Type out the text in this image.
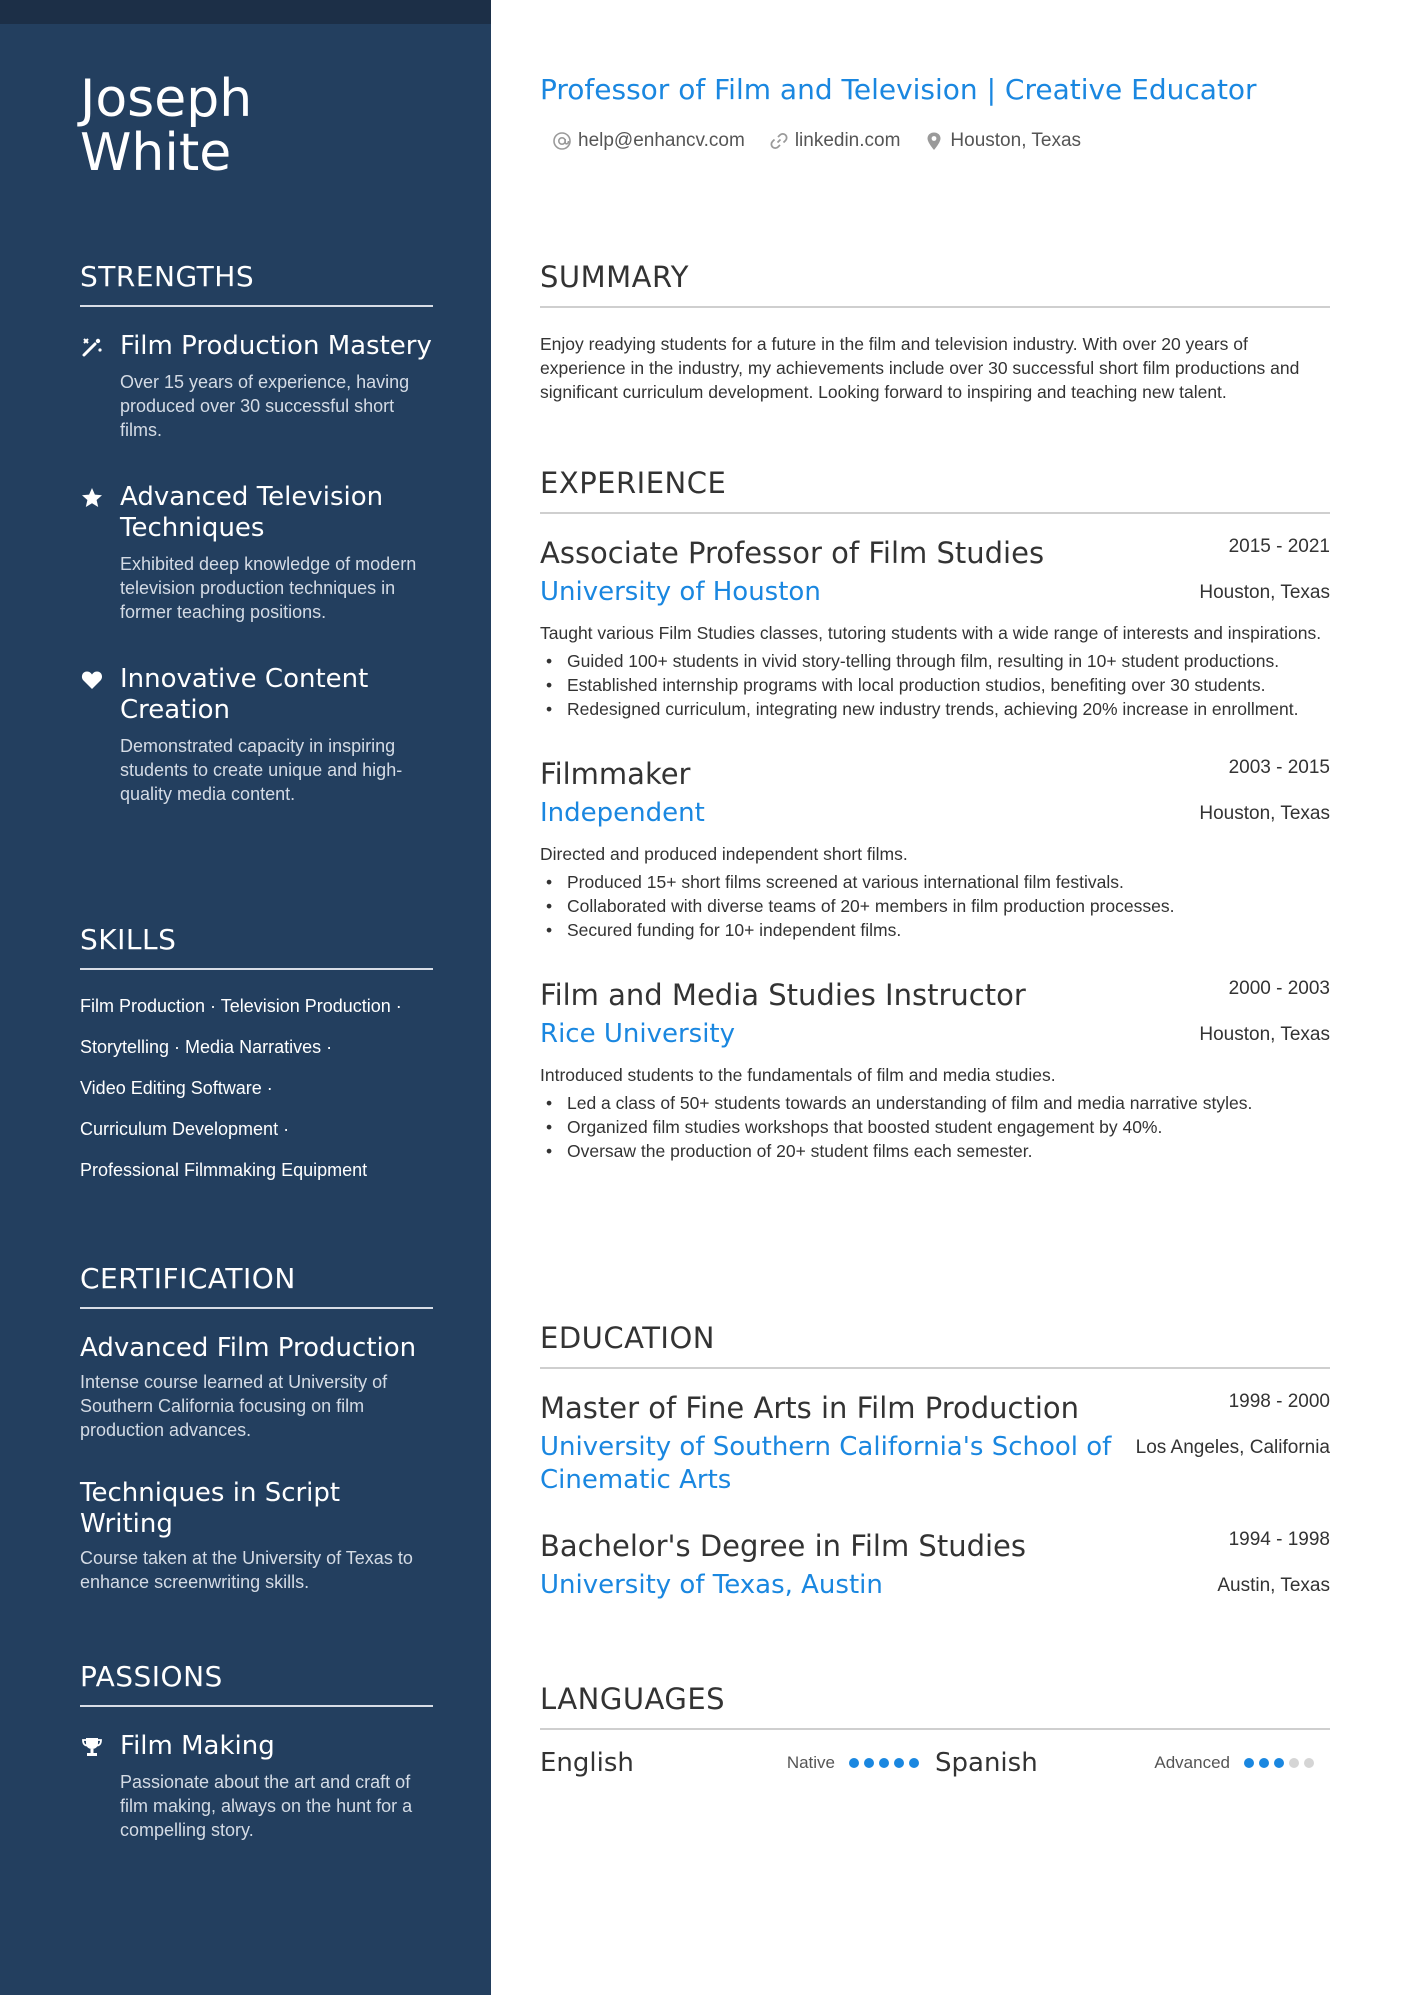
Joseph
White
STRENGTHS
Film Production Mastery
Over 15 years of experience, having produced over 30 successful short films.
Advanced Television Techniques
Exhibited deep knowledge of modern television production techniques in former teaching positions.
Innovative Content Creation
Demonstrated capacity in inspiring students to create unique and high-quality media content.
SKILLS
Film Production · Television Production ·
Storytelling · Media Narratives ·
Video Editing Software ·
Curriculum Development ·
Professional Filmmaking Equipment
CERTIFICATION
Advanced Film Production
Intense course learned at University of Southern California focusing on film production advances.
Techniques in Script Writing
Course taken at the University of Texas to enhance screenwriting skills.
PASSIONS
Film Making
Passionate about the art and craft of film making, always on the hunt for a compelling story.
Professor of Film and Television | Creative Educator
help@enhancv.com	linkedin.com	Houston, Texas
SUMMARY
Enjoy readying students for a future in the film and television industry. With over 20 years of experience in the industry, my achievements include over 30 successful short film productions and significant curriculum development. Looking forward to inspiring and teaching new talent.
EXPERIENCE
Associate Professor of Film Studies	2015 - 2021
University of Houston	Houston, Texas
Taught various Film Studies classes, tutoring students with a wide range of interests and inspirations.
• Guided 100+ students in vivid story-telling through film, resulting in 10+ student productions.
• Established internship programs with local production studios, benefiting over 30 students.
• Redesigned curriculum, integrating new industry trends, achieving 20% increase in enrollment.
Filmmaker	2003 - 2015
Independent	Houston, Texas
Directed and produced independent short films.
• Produced 15+ short films screened at various international film festivals.
• Collaborated with diverse teams of 20+ members in film production processes.
• Secured funding for 10+ independent films.
Film and Media Studies Instructor	2000 - 2003
Rice University	Houston, Texas
Introduced students to the fundamentals of film and media studies.
• Led a class of 50+ students towards an understanding of film and media narrative styles.
• Organized film studies workshops that boosted student engagement by 40%.
• Oversaw the production of 20+ student films each semester.
EDUCATION
Master of Fine Arts in Film Production	1998 - 2000
University of Southern California's School of Cinematic Arts
Los Angeles, California
Bachelor's Degree in Film Studies	1994 - 1998
University of Texas, Austin	Austin, Texas
LANGUAGES
English	Native	Spanish	Advanced
